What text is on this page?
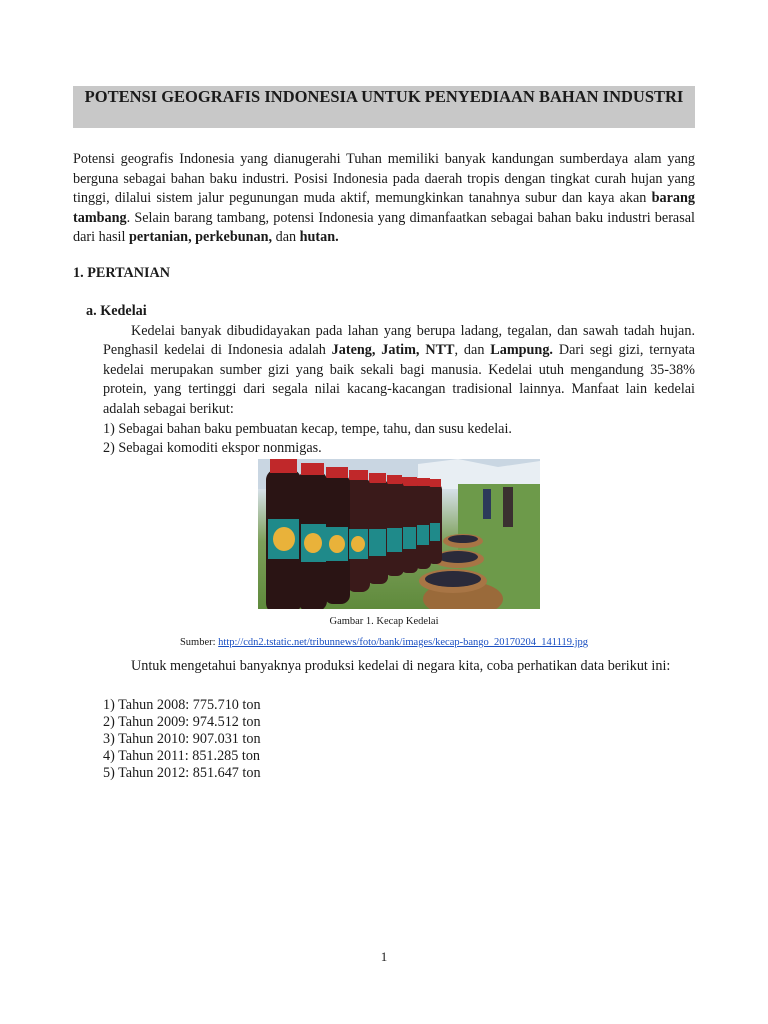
POTENSI GEOGRAFIS INDONESIA UNTUK PENYEDIAAN BAHAN INDUSTRI

Potensi geografis Indonesia yang dianugerahi Tuhan memiliki banyak kandungan sumberdaya alam yang berguna sebagai bahan baku industri. Posisi Indonesia pada daerah tropis dengan tingkat curah hujan yang tinggi, dilalui sistem jalur pegunungan muda aktif, memungkinkan tanahnya subur dan kaya akan barang tambang. Selain barang tambang, potensi Indonesia yang dimanfaatkan sebagai bahan baku industri berasal dari hasil pertanian, perkebunan, dan hutan.

1. PERTANIAN
a. Kedelai

Kedelai banyak dibudidayakan pada lahan yang berupa ladang, tegalan, dan sawah tadah hujan. Penghasil kedelai di Indonesia adalah Jateng, Jatim, NTT, dan Lampung. Dari segi gizi, ternyata kedelai merupakan sumber gizi yang baik sekali bagi manusia. Kedelai utuh mengandung 35-38% protein, yang tertinggi dari segala nilai kacang-kacangan tradisional lainnya. Manfaat lain kedelai adalah sebagai berikut:

1) Sebagai bahan baku pembuatan kecap, tempe, tahu, dan susu kedelai.
2) Sebagai komoditi ekspor nonmigas.
Gambar 1. Kecap Kedelai
Sumber: http://cdn2.tstatic.net/tribunnews/foto/bank/images/kecap-bango_20170204_141119.jpg

Untuk mengetahui banyaknya produksi kedelai di negara kita, coba perhatikan data berikut ini:

1) Tahun 2008: 775.710 ton
2) Tahun 2009: 974.512 ton
3) Tahun 2010: 907.031 ton
4) Tahun 2011: 851.285 ton
5) Tahun 2012: 851.647 ton
1
